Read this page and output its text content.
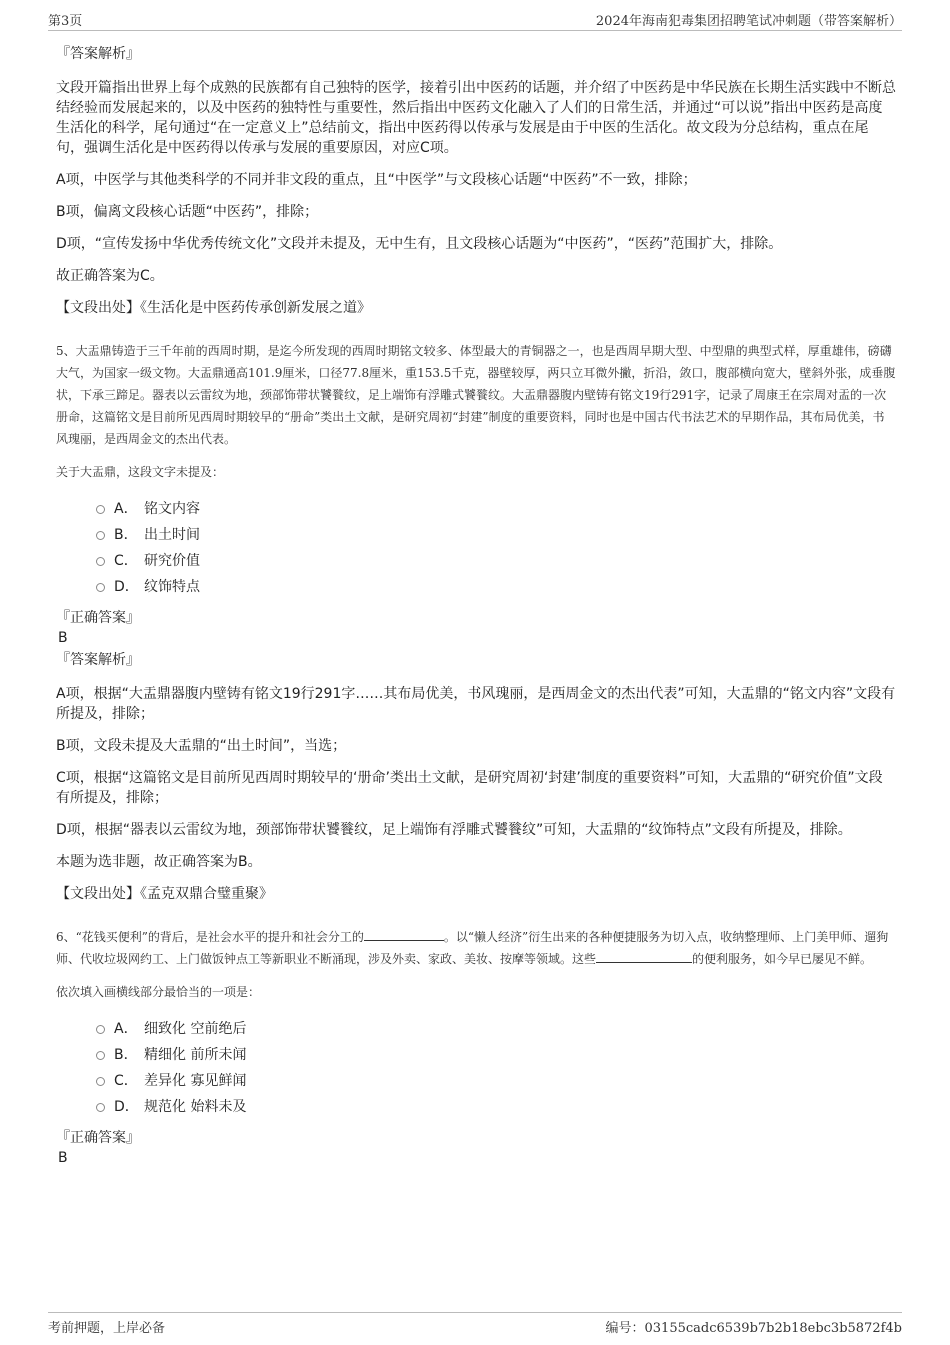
第3页	2024年海南犯毒集团招聘笔试冲刺题（带答案解析）
『答案解析』
文段开篇指出世界上每个成熟的民族都有自己独特的医学，接着引出中医药的话题，并介绍了中医药是中华民族在长期生活实践中不断总结经验而发展起来的，以及中医药的独特性与重要性，然后指出中医药文化融入了人们的日常生活，并通过“可以说”指出中医药是高度生活化的科学，尾句通过“在一定意义上”总结前文，指出中医药得以传承与发展是由于中医的生活化。故文段为分总结构，重点在尾句，强调生活化是中医药得以传承与发展的重要原因，对应C项。
A项，中医学与其他类科学的不同并非文段的重点，且“中医学”与文段核心话题“中医药”不一致，排除；
B项，偏离文段核心话题“中医药”，排除；
D项，“宣传发扬中华优秀传统文化”文段并未提及，无中生有，且文段核心话题为“中医药”，“医药”范围扩大，排除。
故正确答案为C。
【文段出处】《生活化是中医药传承创新发展之道》
5、大盂鼎铸造于三千年前的西周时期，是迄今所发现的西周时期铭文较多、体型最大的青铜器之一，也是西周早期大型、中型鼎的典型式样，厚重雄伟，磅礴大气，为国家一级文物。大盂鼎通高101.9厘米，口径77.8厘米，重153.5千克，器壁较厚，两只立耳微外撇，折沿，敛口，腹部横向宽大，壁斜外张，成垂腹状，下承三蹄足。器表以云雷纹为地，颈部饰带状饕餮纹，足上端饰有浮雕式饕餮纹。大盂鼎器腹内壁铸有铭文19行291字，记录了周康王在宗周对盂的一次册命，这篇铭文是目前所见西周时期较早的“册命”类出土文献，是研究周初“封建”制度的重要资料，同时也是中国古代书法艺术的早期作品，其布局优美，书风瑰丽，是西周金文的杰出代表。
关于大盂鼎，这段文字未提及：
A． 铭文内容
B． 出土时间
C． 研究价值
D． 纹饰特点
『正确答案』
B
『答案解析』
A项，根据“大盂鼎器腹内壁铸有铭文19行291字……其布局优美，书风瑰丽，是西周金文的杰出代表”可知，大盂鼎的“铭文内容”文段有所提及，排除；
B项，文段未提及大盂鼎的“出土时间”，当选；
C项，根据“这篇铭文是目前所见西周时期较早的‘册命’类出土文献，是研究周初‘封建’制度的重要资料”可知，大盂鼎的“研究价值”文段有所提及，排除；
D项，根据“器表以云雷纹为地，颈部饰带状饕餮纹，足上端饰有浮雕式饕餮纹”可知，大盂鼎的“纹饰特点”文段有所提及，排除。
本题为选非题，故正确答案为B。
【文段出处】《孟克双鼎合璧重聚》
6、“花钱买便利”的背后，是社会水平的提升和社会分工的	。以“懒人经济”衍生出来的各种便捷服务为切入点，收纳整理师、上门美甲师、遛狗师、代收垃圾网约工、上门做饭钟点工等新职业不断涌现，涉及外卖、家政、美妆、按摩等领域。这些	的便利服务，如今早已屡见不鲜。
依次填入画横线部分最恰当的一项是：
A． 细致化 空前绝后
B． 精细化 前所未闻
C． 差异化 寡见鲜闻
D． 规范化 始料未及
『正确答案』
B
考前押题，上岸必备	编号：03155cadc6539b7b2b18ebc3b5872f4b
